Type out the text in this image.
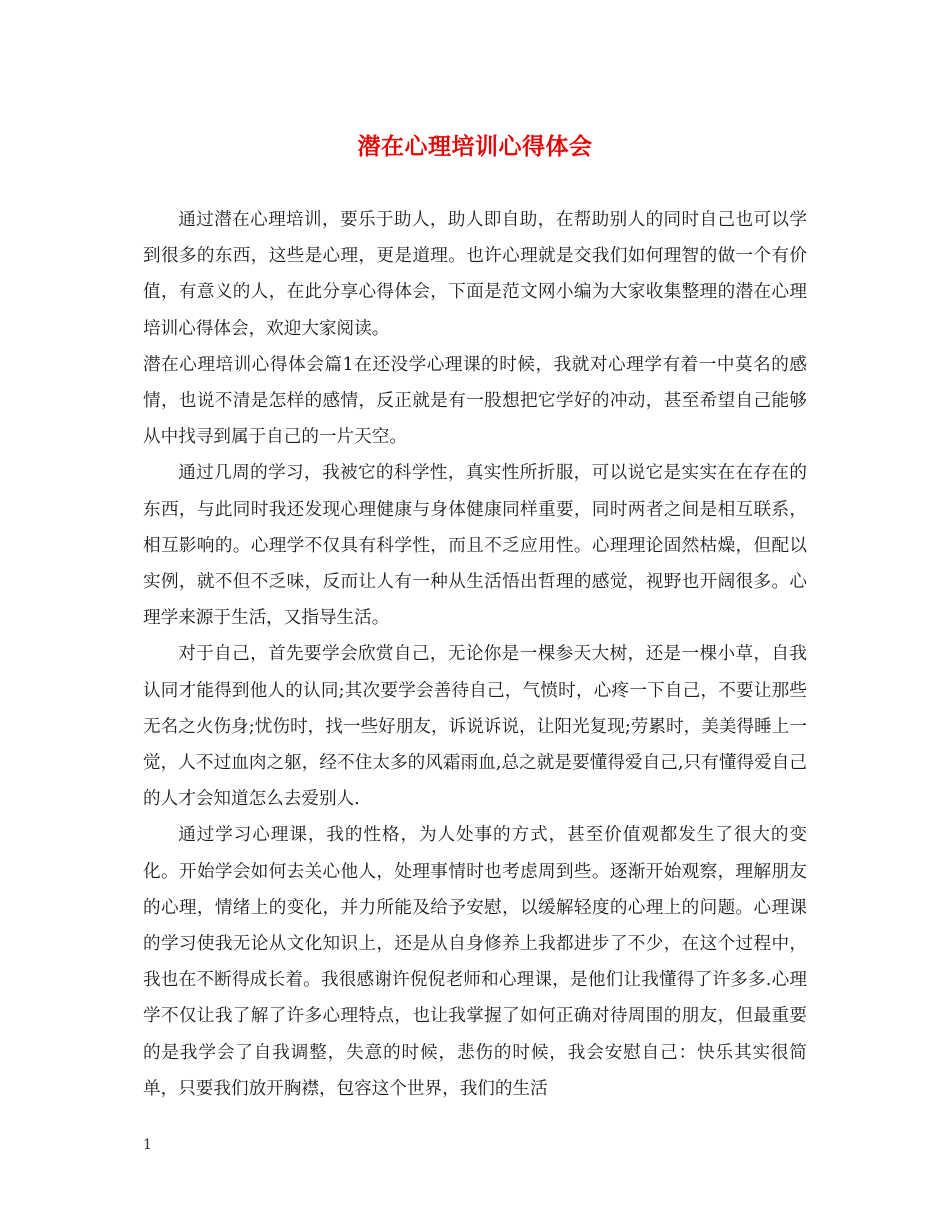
潜在心理培训心得体会

通过潜在心理培训，要乐于助人，助人即自助，在帮助别人的同时自己也可以学到很多的东西，这些是心理，更是道理。也许心理就是交我们如何理智的做一个有价值，有意义的人，在此分享心得体会，下面是范文网小编为大家收集整理的潜在心理培训心得体会，欢迎大家阅读。

潜在心理培训心得体会篇1在还没学心理课的时候，我就对心理学有着一中莫名的感情，也说不清是怎样的感情，反正就是有一股想把它学好的冲动，甚至希望自己能够从中找寻到属于自己的一片天空。

通过几周的学习，我被它的科学性，真实性所折服，可以说它是实实在在存在的东西，与此同时我还发现心理健康与身体健康同样重要，同时两者之间是相互联系，相互影响的。心理学不仅具有科学性，而且不乏应用性。心理理论固然枯燥，但配以实例，就不但不乏味，反而让人有一种从生活悟出哲理的感觉，视野也开阔很多。心理学来源于生活，又指导生活。

对于自己，首先要学会欣赏自己，无论你是一棵参天大树，还是一棵小草，自我认同才能得到他人的认同;其次要学会善待自己，气愤时，心疼一下自己，不要让那些无名之火伤身;忧伤时，找一些好朋友，诉说诉说，让阳光复现;劳累时，美美得睡上一觉，人不过血肉之躯，经不住太多的风霜雨血,总之就是要懂得爱自己,只有懂得爱自己的人才会知道怎么去爱别人.

通过学习心理课，我的性格，为人处事的方式，甚至价值观都发生了很大的变化。开始学会如何去关心他人，处理事情时也考虑周到些。逐渐开始观察，理解朋友的心理，情绪上的变化，并力所能及给予安慰，以缓解轻度的心理上的问题。心理课的学习使我无论从文化知识上，还是从自身修养上我都进步了不少，在这个过程中，我也在不断得成长着。我很感谢许倪倪老师和心理课，是他们让我懂得了许多多.心理学不仅让我了解了许多心理特点，也让我掌握了如何正确对待周围的朋友，但最重要的是我学会了自我调整，失意的时候，悲伤的时候，我会安慰自己：快乐其实很简单，只要我们放开胸襟，包容这个世界，我们的生活

1
